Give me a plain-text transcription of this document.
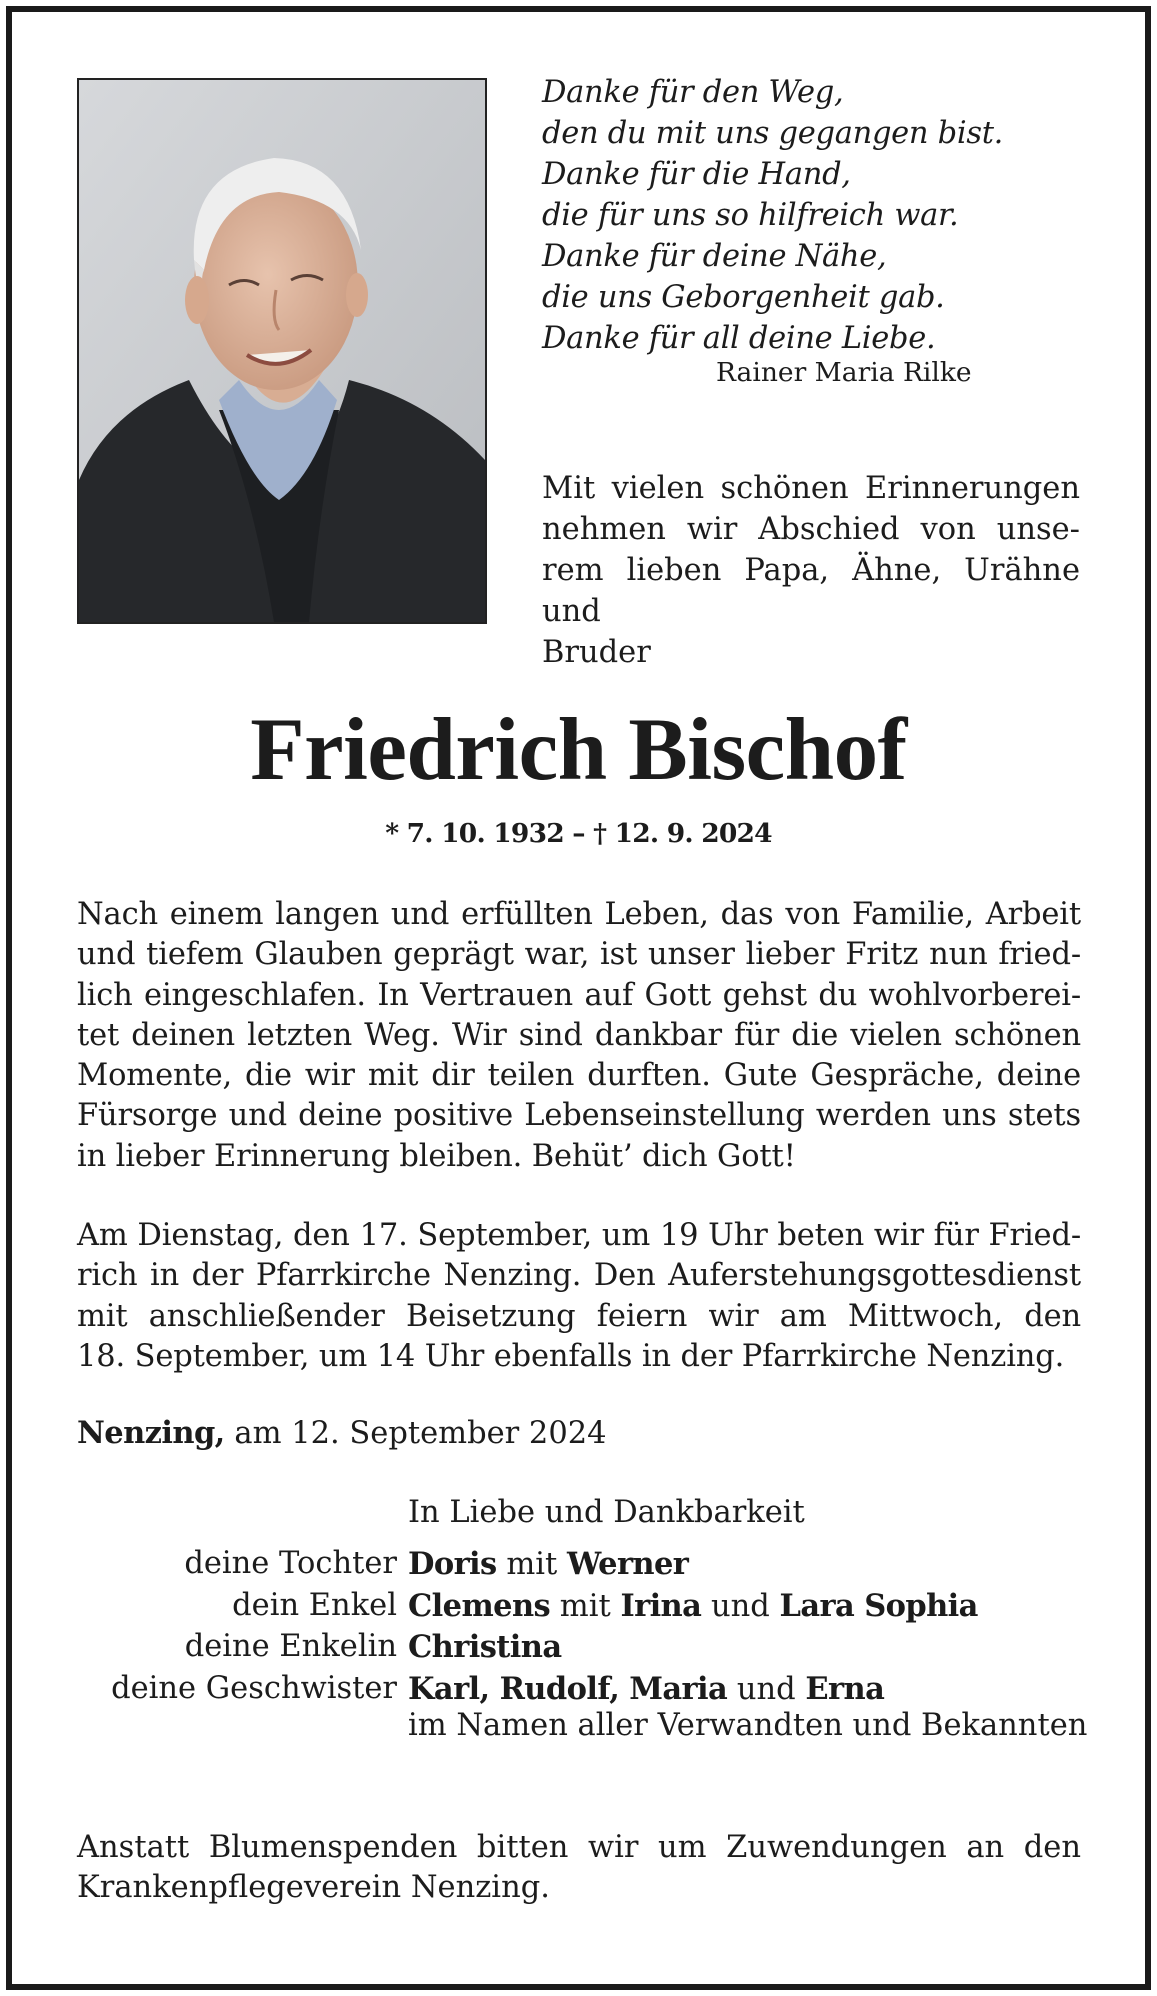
Danke für den Weg,
den du mit uns gegangen bist.
Danke für die Hand,
die für uns so hilfreich war.
Danke für deine Nähe,
die uns Geborgenheit gab.
Danke für all deine Liebe.
Rainer Maria Rilke
Mit vielen schönen Erinnerungen
nehmen wir Abschied von unse-
rem lieben Papa, Ähne, Urähne und
Bruder
Friedrich Bischof
* 7. 10. 1932 – † 12. 9. 2024
Nach einem langen und erfüllten Leben, das von Familie, Arbeit
und tiefem Glauben geprägt war, ist unser lieber Fritz nun fried-
lich eingeschlafen. In Vertrauen auf Gott gehst du wohlvorberei-
tet deinen letzten Weg. Wir sind dankbar für die vielen schönen
Momente, die wir mit dir teilen durften. Gute Gespräche, deine
Fürsorge und deine positive Lebenseinstellung werden uns stets
in lieber Erinnerung bleiben. Behüt’ dich Gott!
Am Dienstag, den 17. September, um 19 Uhr beten wir für Fried-
rich in der Pfarrkirche Nenzing. Den Auferstehungsgottesdienst
mit anschließender Beisetzung feiern wir am Mittwoch, den
18. September, um 14 Uhr ebenfalls in der Pfarrkirche Nenzing.
Nenzing, am 12. September 2024
In Liebe und Dankbarkeit
deine Tochter Doris mit Werner
dein Enkel Clemens mit Irina und Lara Sophia
deine Enkelin Christina
deine Geschwister Karl, Rudolf, Maria und Erna
im Namen aller Verwandten und Bekannten
Anstatt Blumenspenden bitten wir um Zuwendungen an den
Krankenpflegeverein Nenzing.
